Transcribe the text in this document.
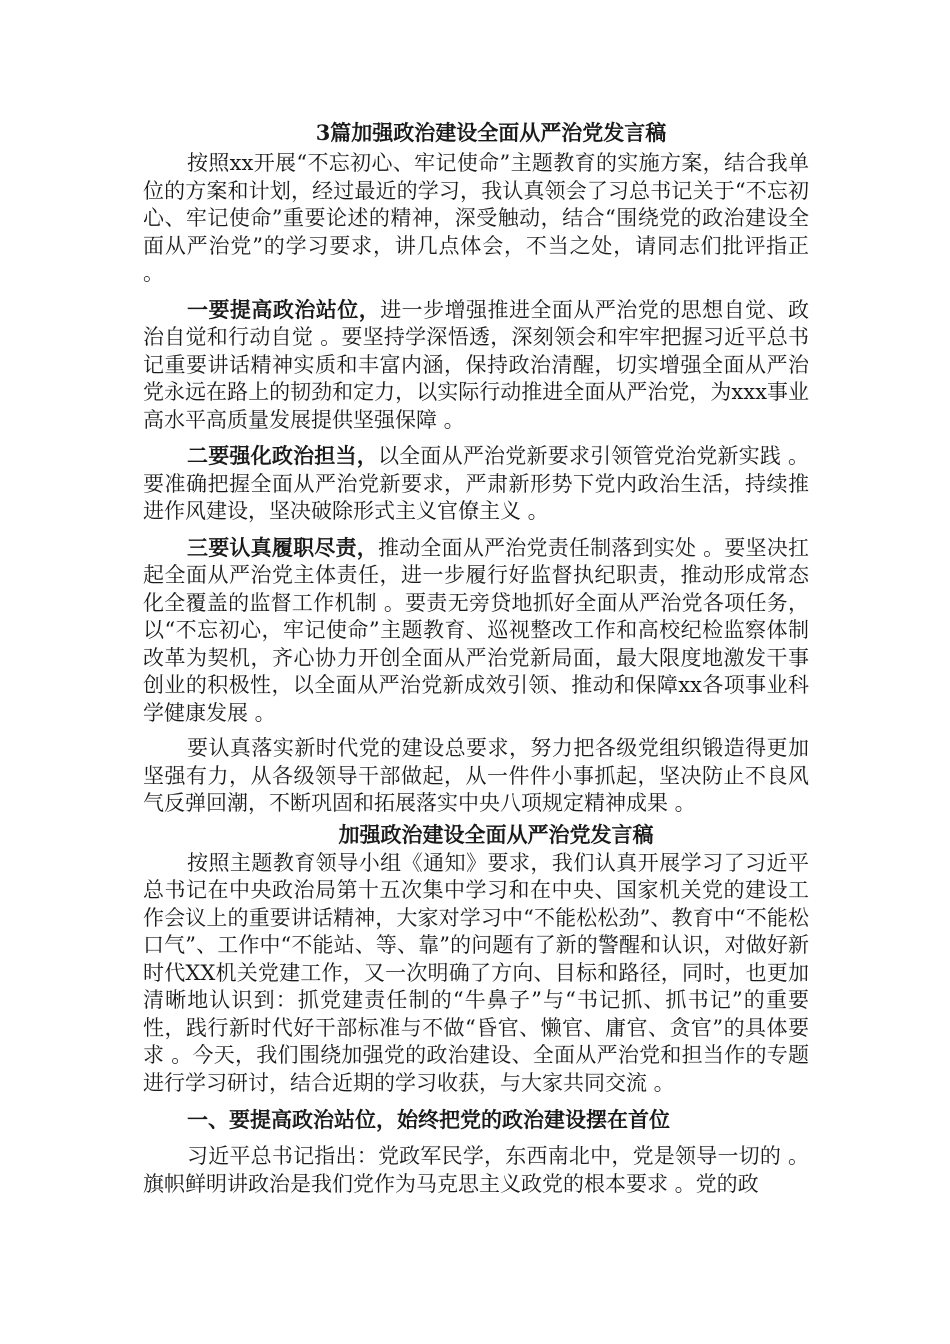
3篇加强政治建设全面从严治党发言稿

按照xx开展“不忘初心、牢记使命”主题教育的实施方案，结合我单位的方案和计划，经过最近的学习，我认真领会了习总书记关于“不忘初心、牢记使命”重要论述的精神，深受触动，结合“围绕党的政治建设全面从严治党”的学习要求，讲几点体会，不当之处，请同志们批评指正 。

一要提高政治站位，进一步增强推进全面从严治党的思想自觉、政治自觉和行动自觉 。要坚持学深悟透，深刻领会和牢牢把握习近平总书记重要讲话精神实质和丰富内涵，保持政治清醒，切实增强全面从严治党永远在路上的韧劲和定力，以实际行动推进全面从严治党，为xxx事业高水平高质量发展提供坚强保障 。

二要强化政治担当，以全面从严治党新要求引领管党治党新实践 。要准确把握全面从严治党新要求，严肃新形势下党内政治生活，持续推进作风建设，坚决破除形式主义官僚主义 。

三要认真履职尽责，推动全面从严治党责任制落到实处 。要坚决扛起全面从严治党主体责任，进一步履行好监督执纪职责，推动形成常态化全覆盖的监督工作机制 。要责无旁贷地抓好全面从严治党各项任务，以“不忘初心，牢记使命”主题教育、巡视整改工作和高校纪检监察体制改革为契机，齐心协力开创全面从严治党新局面，最大限度地激发干事创业的积极性，以全面从严治党新成效引领、推动和保障xx各项事业科学健康发展 。

要认真落实新时代党的建设总要求，努力把各级党组织锻造得更加坚强有力，从各级领导干部做起，从一件件小事抓起，坚决防止不良风气反弹回潮，不断巩固和拓展落实中央八项规定精神成果 。

加强政治建设全面从严治党发言稿

按照主题教育领导小组《通知》要求，我们认真开展学习了习近平总书记在中央政治局第十五次集中学习和在中央、国家机关党的建设工作会议上的重要讲话精神，大家对学习中“不能松松劲”、教育中“不能松口气”、工作中“不能站、等、靠”的问题有了新的警醒和认识，对做好新时代XX机关党建工作，又一次明确了方向、目标和路径，同时，也更加清晰地认识到：抓党建责任制的“牛鼻子”与“书记抓、抓书记”的重要性，践行新时代好干部标准与不做“昏官、懒官、庸官、贪官”的具体要求 。今天，我们围绕加强党的政治建设、全面从严治党和担当作的专题进行学习研讨，结合近期的学习收获，与大家共同交流 。

一、要提高政治站位，始终把党的政治建设摆在首位

习近平总书记指出：党政军民学，东西南北中，党是领导一切的 。旗帜鲜明讲政治是我们党作为马克思主义政党的根本要求 。党的政
